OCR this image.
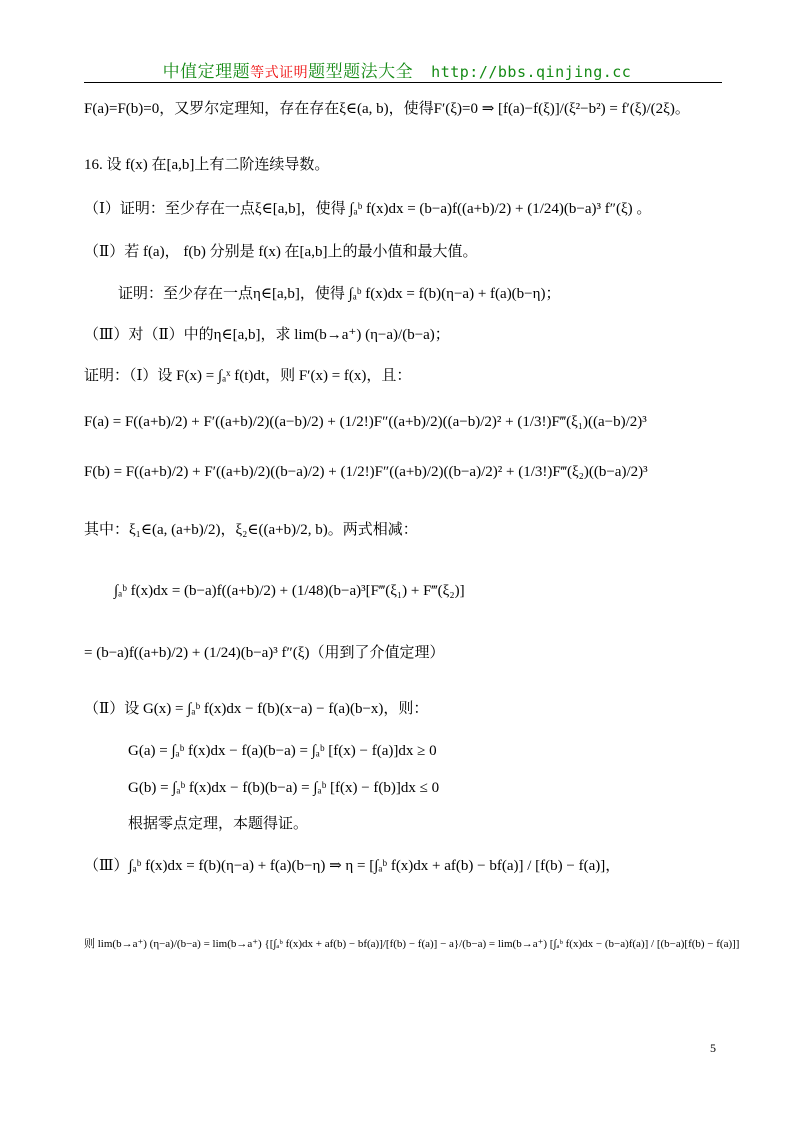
中值定理题等式证明题型题法大全 http://bbs.qinjing.cc
F(a)=F(b)=0，又罗尔定理知，存在存在ξ∈(a, b)，使得F′(ξ)=0 ⇒ [f(a)−f(ξ)]/(ξ²−b²) = f′(ξ)/(2ξ)。
16. 设 f(x) 在[a,b]上有二阶连续导数。
（Ⅰ）证明：至少存在一点ξ∈[a,b]，使得 ∫ₐᵇ f(x)dx = (b−a)f((a+b)/2) + (1/24)(b−a)³ f″(ξ) 。
（Ⅱ）若 f(a)， f(b) 分别是 f(x) 在[a,b]上的最小值和最大值。
证明：至少存在一点η∈[a,b]，使得 ∫ₐᵇ f(x)dx = f(b)(η−a) + f(a)(b−η)；
（Ⅲ）对（Ⅱ）中的η∈[a,b]，求 lim(b→a⁺) (η−a)/(b−a)；
证明：（Ⅰ）设 F(x) = ∫ₐˣ f(t)dt，则 F′(x) = f(x)，且：
F(a) = F((a+b)/2) + F′((a+b)/2)((a−b)/2) + (1/2!)F″((a+b)/2)((a−b)/2)² + (1/3!)F‴(ξ₁)((a−b)/2)³
F(b) = F((a+b)/2) + F′((a+b)/2)((b−a)/2) + (1/2!)F″((a+b)/2)((b−a)/2)² + (1/3!)F‴(ξ₂)((b−a)/2)³
其中：ξ₁∈(a, (a+b)/2)，ξ₂∈((a+b)/2, b)。两式相减：
∫ₐᵇ f(x)dx = (b−a)f((a+b)/2) + (1/48)(b−a)³[F‴(ξ₁) + F‴(ξ₂)]
= (b−a)f((a+b)/2) + (1/24)(b−a)³ f″(ξ)（用到了介值定理）
（Ⅱ）设 G(x) = ∫ₐᵇ f(x)dx − f(b)(x−a) − f(a)(b−x)，则：
G(a) = ∫ₐᵇ f(x)dx − f(a)(b−a) = ∫ₐᵇ [f(x) − f(a)]dx ≥ 0
G(b) = ∫ₐᵇ f(x)dx − f(b)(b−a) = ∫ₐᵇ [f(x) − f(b)]dx ≤ 0
根据零点定理，本题得证。
（Ⅲ）∫ₐᵇ f(x)dx = f(b)(η−a) + f(a)(b−η) ⇒ η = [∫ₐᵇ f(x)dx + af(b) − bf(a)] / [f(b) − f(a)]，
则 lim(b→a⁺) (η−a)/(b−a) = lim(b→a⁺) {[∫ₐᵇ f(x)dx + af(b) − bf(a)]/[f(b) − f(a)] − a}/(b−a) = lim(b→a⁺) [∫ₐᵇ f(x)dx − (b−a)f(a)] / [(b−a)[f(b) − f(a)]]
5
